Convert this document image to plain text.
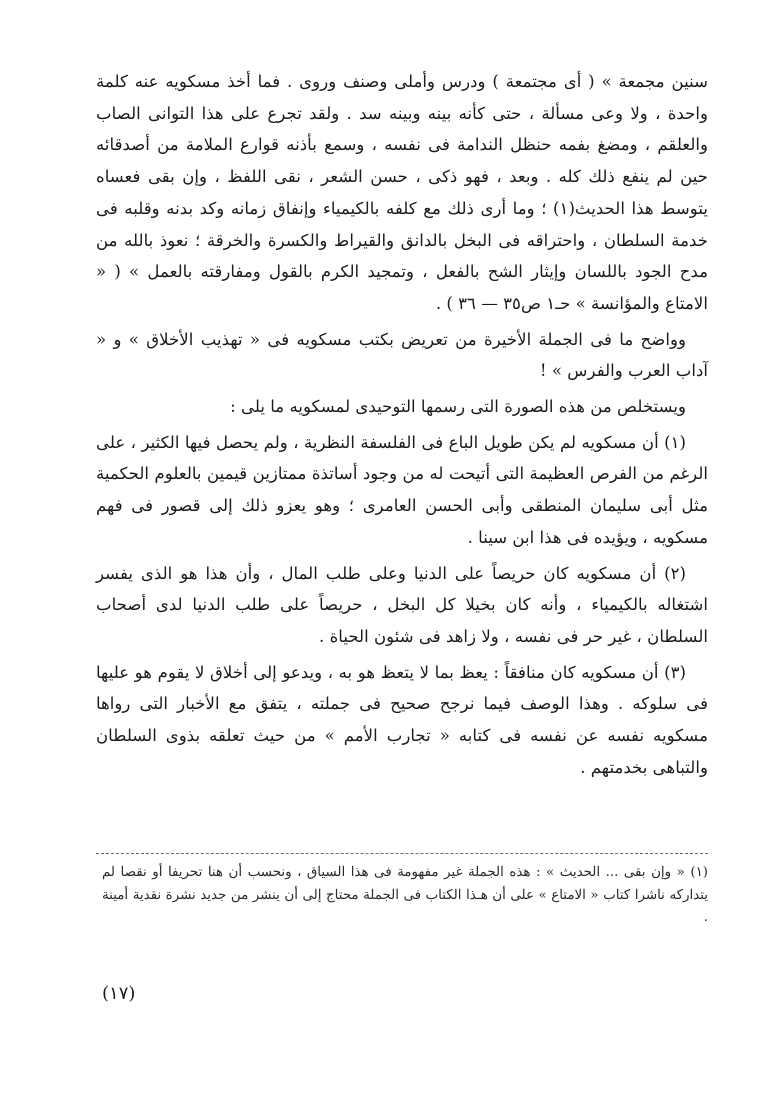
سنين مجمعة » ( أى مجتمعة ) ودرس وأملى وصنف وروى . فما أخذ مسكويه عنه كلمة واحدة ، ولا وعى مسألة ، حتى كأنه بينه وبينه سد . ولقد تجرع على هذا التوانى الصاب والعلقم ، ومضغ بفمه حنظل الندامة فى نفسه ، وسمع بأذنه قوارع الملامة من أصدقائه حين لم ينفع ذلك كله . وبعد ، فهو ذكى ، حسن الشعر ، نقى اللفظ ، وإن بقى فعساه يتوسط هذا الحديث(١) ؛ وما أرى ذلك مع كلفه بالكيمياء وإنفاق زمانه وكد بدنه وقلبه فى خدمة السلطان ، واحتراقه فى البخل بالدانق والقيراط والكسرة والخرقة ؛ نعوذ بالله من مدح الجود باللسان وإيثار الشح بالفعل ، وتمجيد الكرم بالقول ومفارقته بالعمل » ( « الامتاع والمؤانسة » حـ١ ص٣٥ — ٣٦ ) .

وواضح ما فى الجملة الأخيرة من تعريض بكتب مسكويه فى « تهذيب الأخلاق » و « آداب العرب والفرس » !

ويستخلص من هذه الصورة التى رسمها التوحيدى لمسكويه ما يلى :

(١) أن مسكويه لم يكن طويل الباع فى الفلسفة النظرية ، ولم يحصل فيها الكثير ، على الرغم من الفرص العظيمة التى أتيحت له من وجود أساتذة ممتازين قيمين بالعلوم الحكمية مثل أبى سليمان المنطقى وأبى الحسن العامرى ؛ وهو يعزو ذلك إلى قصور فى فهم مسكويه ، ويؤيده فى هذا ابن سينا .

(٢) أن مسكويه كان حريصاً على الدنيا وعلى طلب المال ، وأن هذا هو الذى يفسر اشتغاله بالكيمياء ، وأنه كان بخيلا كل البخل ، حريصاً على طلب الدنيا لدى أصحاب السلطان ، غير حر فى نفسه ، ولا زاهد فى شئون الحياة .

(٣) أن مسكويه كان منافقاً : يعظ بما لا يتعظ هو به ، ويدعو إلى أخلاق لا يقوم هو عليها فى سلوكه . وهذا الوصف فيما نرجح صحيح فى جملته ، يتفق مع الأخبار التى رواها مسكويه نفسه عن نفسه فى كتابه « تجارب الأمم » من حيث تعلقه بذوى السلطان والتباهى بخدمتهم .

(١) « وإن بقى ... الحديث » : هذه الجملة غير مفهومة فى هذا السياق ، ونحسب أن هنا تحريفا أو نقصا لم يتداركه ناشرا كتاب « الامتاع » على أن هـذا الكتاب فى الجملة محتاج إلى أن ينشر من جديد نشرة نقدية أمينة .
(١٧)
